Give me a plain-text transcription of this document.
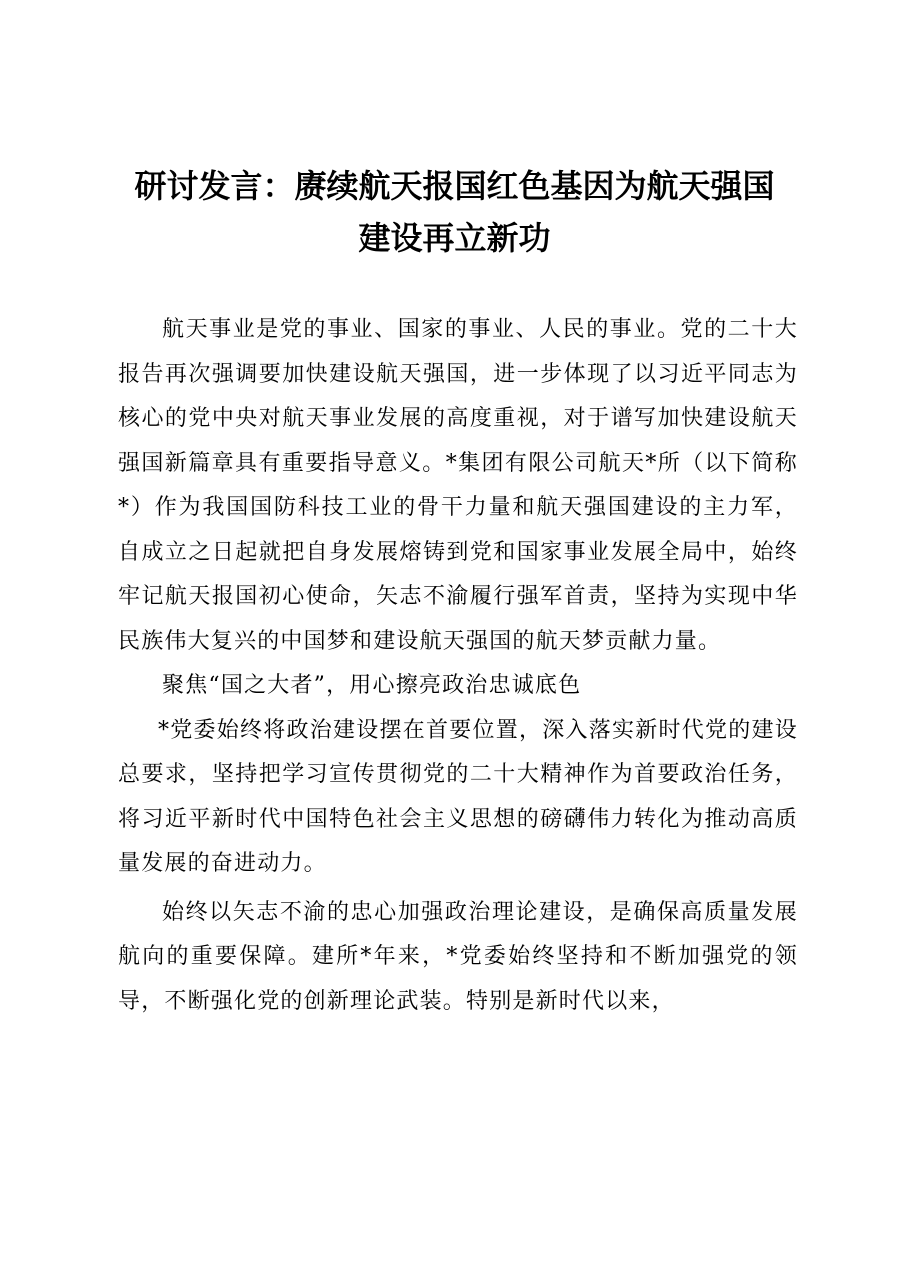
研讨发言：赓续航天报国红色基因为航天强国
建设再立新功

航天事业是党的事业、国家的事业、人民的事业。党的二十大报告再次强调要加快建设航天强国，进一步体现了以习近平同志为核心的党中央对航天事业发展的高度重视，对于谱写加快建设航天强国新篇章具有重要指导意义。*集团有限公司航天*所（以下简称*）作为我国国防科技工业的骨干力量和航天强国建设的主力军，自成立之日起就把自身发展熔铸到党和国家事业发展全局中，始终牢记航天报国初心使命，矢志不渝履行强军首责，坚持为实现中华民族伟大复兴的中国梦和建设航天强国的航天梦贡献力量。

聚焦“国之大者”，用心擦亮政治忠诚底色

*党委始终将政治建设摆在首要位置，深入落实新时代党的建设总要求，坚持把学习宣传贯彻党的二十大精神作为首要政治任务，将习近平新时代中国特色社会主义思想的磅礴伟力转化为推动高质量发展的奋进动力。

始终以矢志不渝的忠心加强政治理论建设，是确保高质量发展航向的重要保障。建所*年来，*党委始终坚持和不断加强党的领导，不断强化党的创新理论武装。特别是新时代以来，
